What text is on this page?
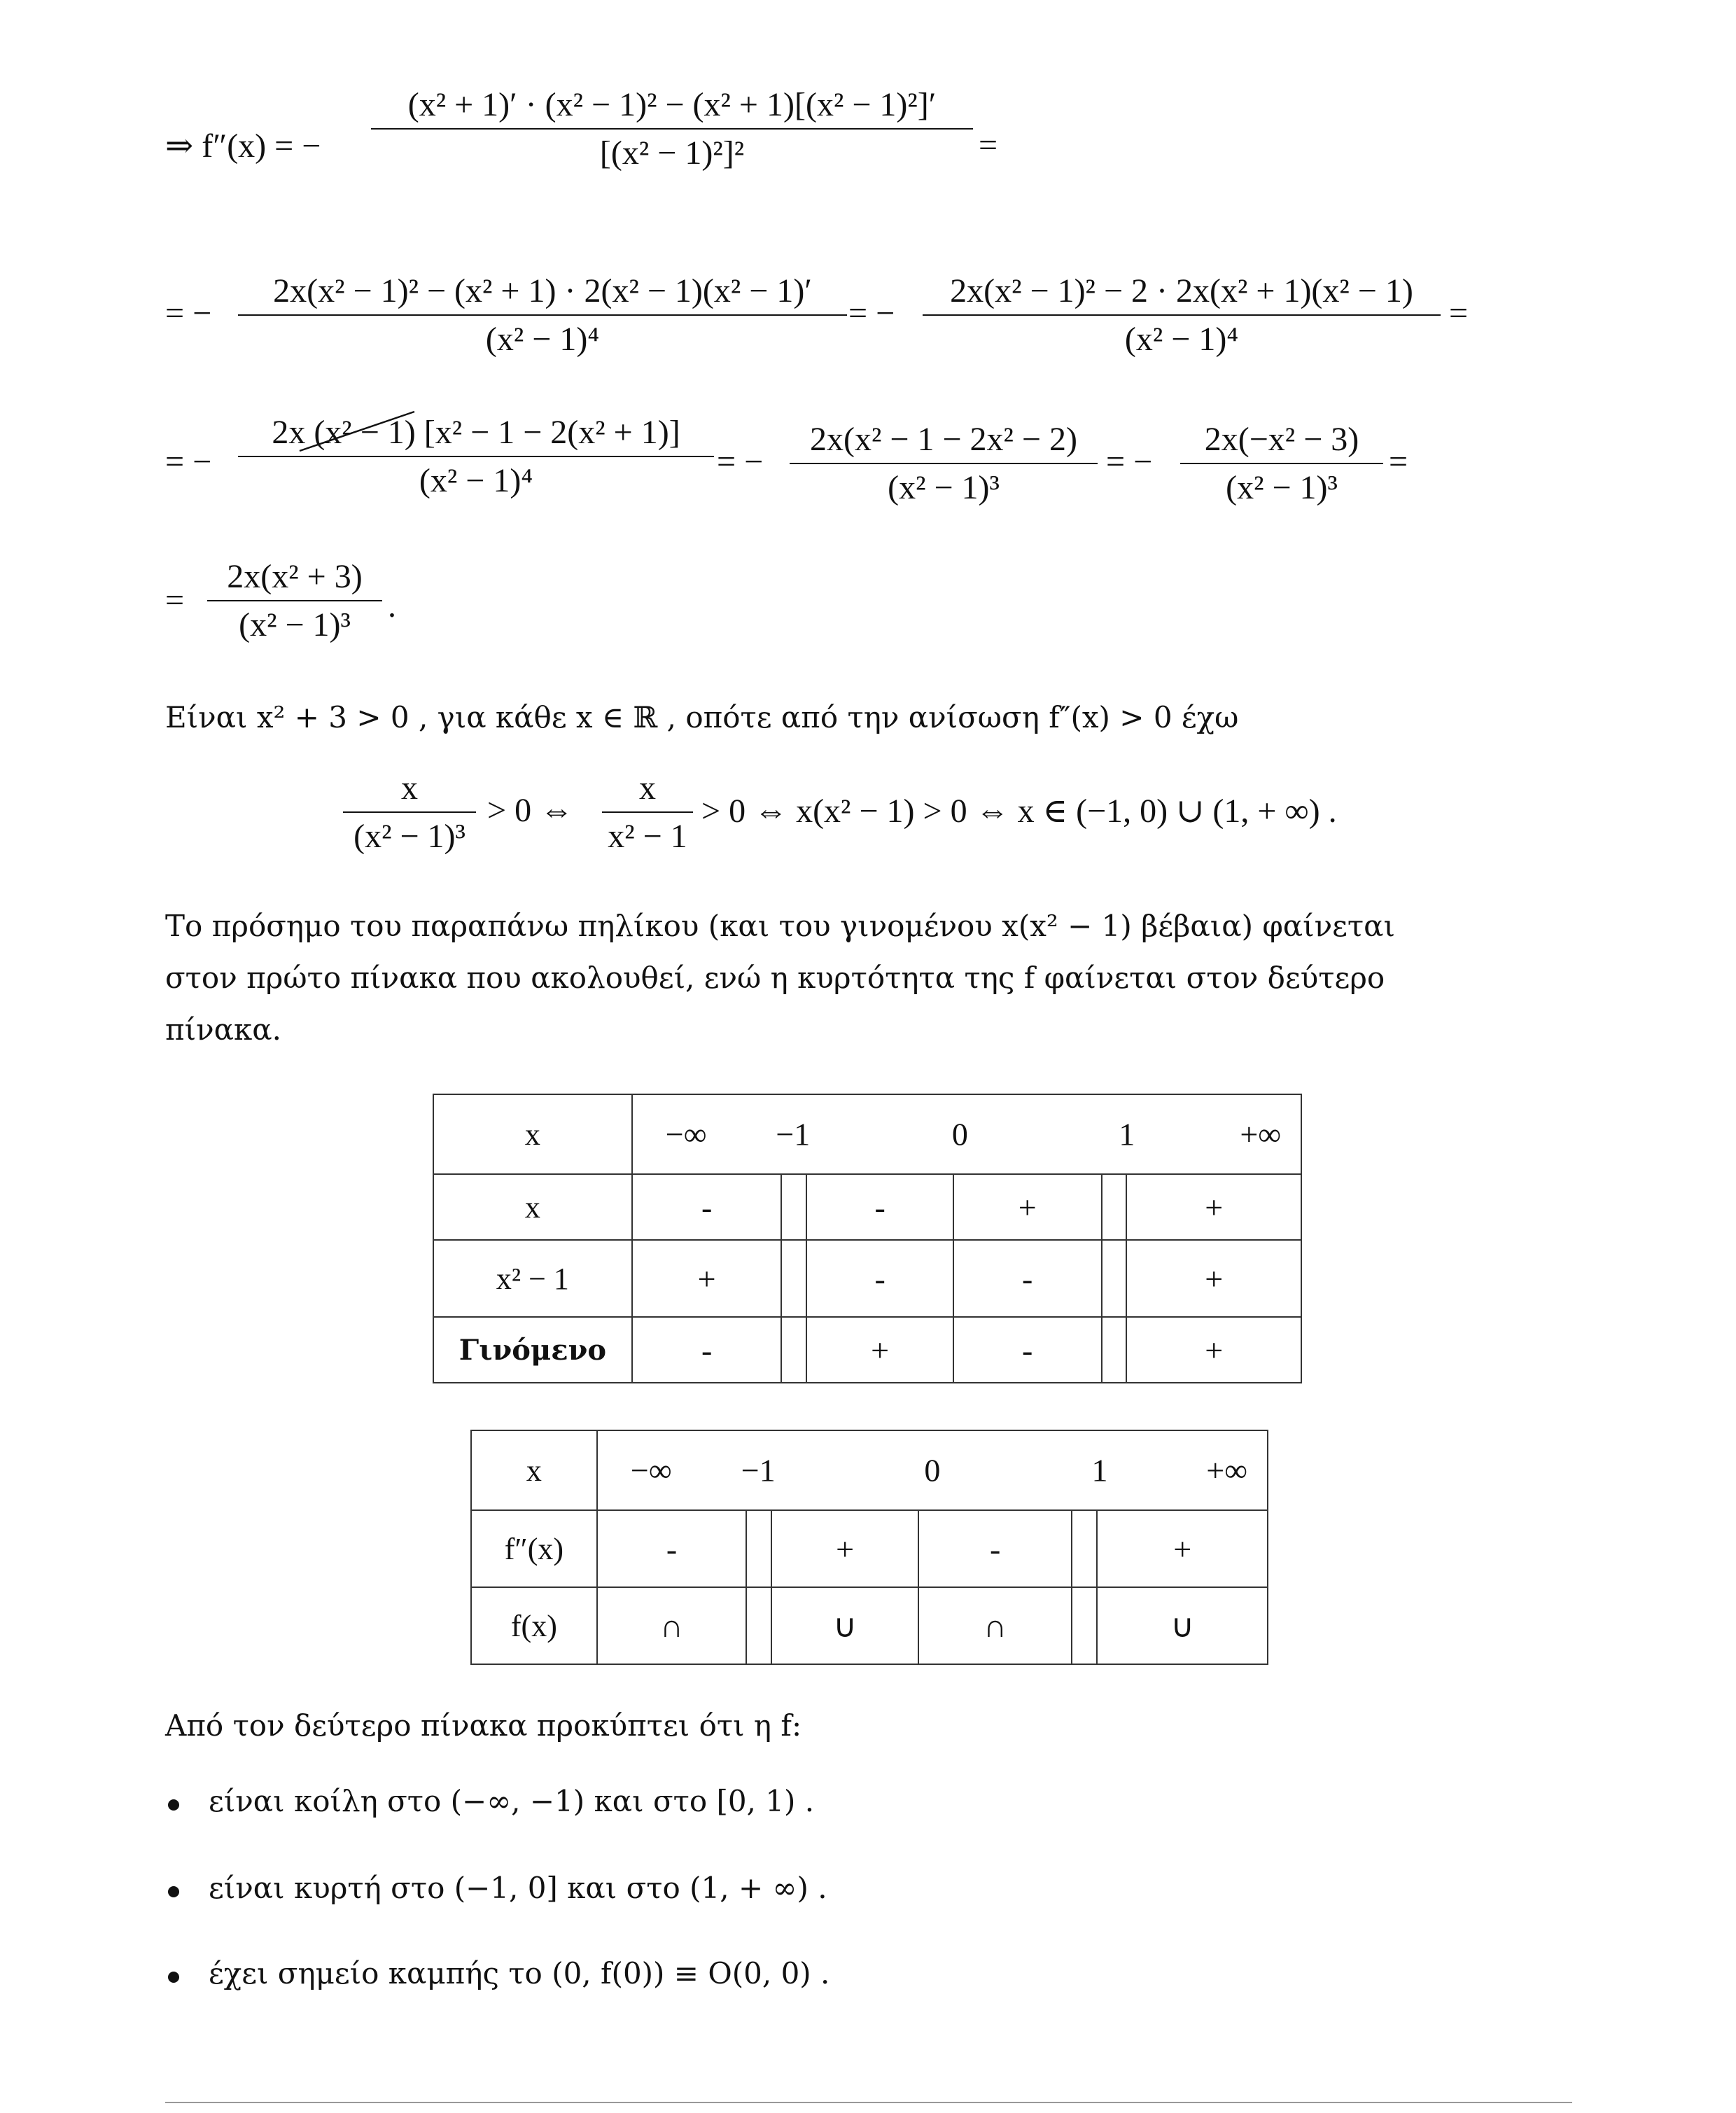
⇒ f″(x) = −
(x² + 1)′ · (x² − 1)² − (x² + 1)[(x² − 1)²]′
[(x² − 1)²]²	=
= −
2x(x² − 1)² − (x² + 1) · 2(x² − 1)(x² − 1)′
(x² − 1)⁴
= −
2x(x² − 1)² − 2 · 2x(x² + 1)(x² − 1)
(x² − 1)⁴
=
= −
2x (x² − 1) [x² − 1 − 2(x² + 1)]
(x² − 1)⁴
= −
2x(x² − 1 − 2x² − 2)
(x² − 1)³
= −
2x(−x² − 3)
(x² − 1)³
=
=
2x(x² + 3)
(x² − 1)³
.
Είναι x² + 3 > 0 , για κάθε x ∈ ℝ , οπότε από την ανίσωση f″(x) > 0 έχω
x
(x² − 1)³
> 0 ⇔
x
x² − 1
> 0 ⇔ x(x² − 1) > 0 ⇔ x ∈ (−1, 0) ∪ (1, + ∞) .
Το πρόσημο του παραπάνω πηλίκου (και του γινομένου x(x² − 1) βέβαια) φαίνεται
στον πρώτο πίνακα που ακολουθεί, ενώ η κυρτότητα της f φαίνεται στον δεύτερο
πίνακα.
x	−∞ −1 0 1 +∞					

x	-		-	+		+
x² − 1	+		-	-		+
Γινόμενο	-		+	-		+
x	−∞ −1 0 1 +∞					

f″(x)	-		+	-		+
f(x)	∩		∪	∩		∪
Από τον δεύτερο πίνακα προκύπτει ότι η f:
είναι κοίλη στο (−∞, −1) και στο [0, 1) .
είναι κυρτή στο (−1, 0] και στο (1, + ∞) .
έχει σημείο καμπής το (0, f(0)) ≡ O(0, 0) .
